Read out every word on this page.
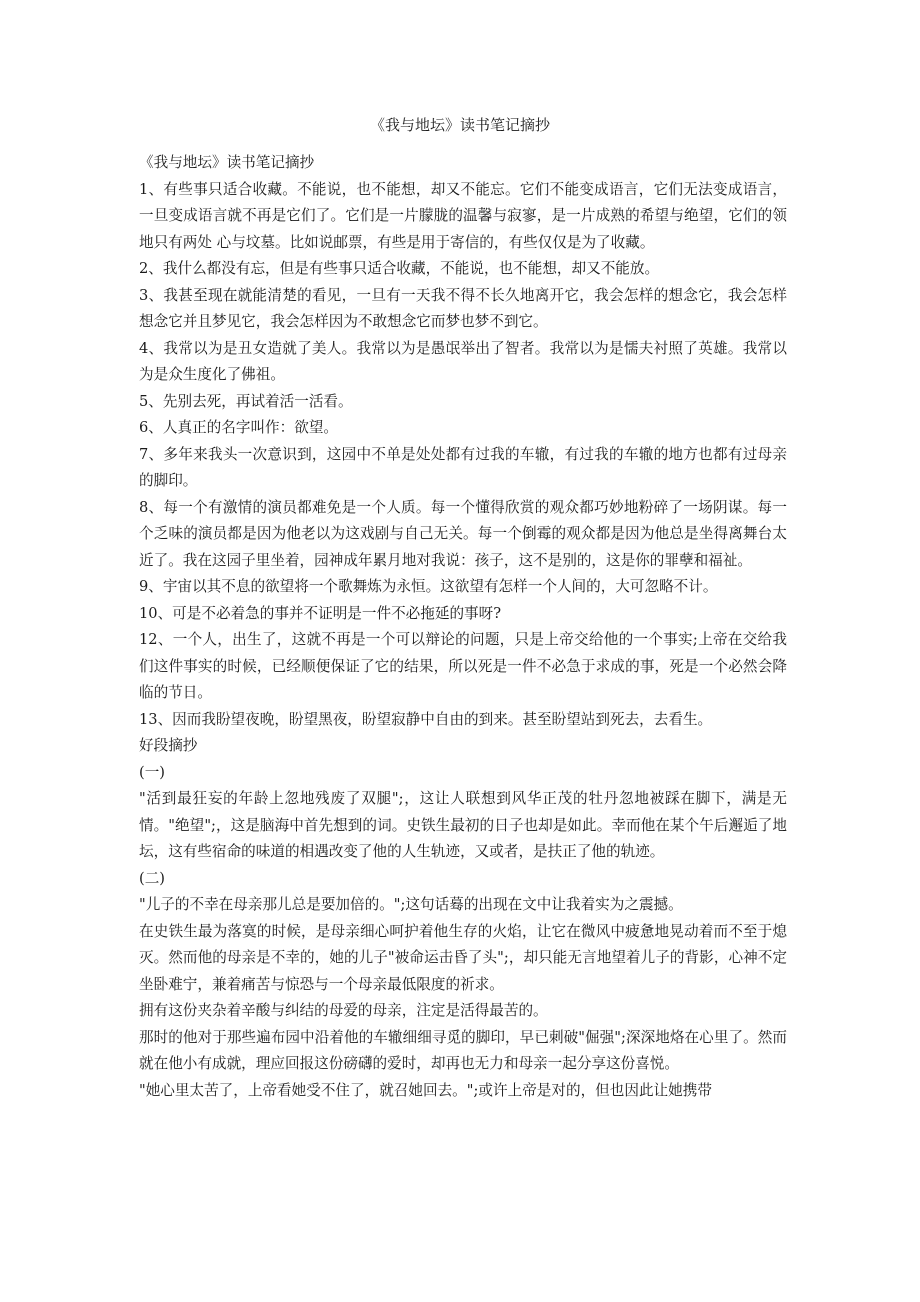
《我与地坛》读书笔记摘抄

《我与地坛》读书笔记摘抄

1、有些事只适合收藏。不能说，也不能想，却又不能忘。它们不能变成语言，它们无法变成语言，一旦变成语言就不再是它们了。它们是一片朦胧的温馨与寂寥，是一片成熟的希望与绝望，它们的领地只有两处 心与坟墓。比如说邮票，有些是用于寄信的，有些仅仅是为了收藏。

2、我什么都没有忘，但是有些事只适合收藏，不能说，也不能想，却又不能放。

3、我甚至现在就能清楚的看见，一旦有一天我不得不长久地离开它，我会怎样的想念它，我会怎样想念它并且梦见它，我会怎样因为不敢想念它而梦也梦不到它。

4、我常以为是丑女造就了美人。我常以为是愚氓举出了智者。我常以为是懦夫衬照了英雄。我常以为是众生度化了佛祖。

5、先别去死，再试着活一活看。

6、人真正的名字叫作：欲望。

7、多年来我头一次意识到，这园中不单是处处都有过我的车辙，有过我的车辙的地方也都有过母亲的脚印。

8、每一个有激情的演员都难免是一个人质。每一个懂得欣赏的观众都巧妙地粉碎了一场阴谋。每一个乏味的演员都是因为他老以为这戏剧与自己无关。每一个倒霉的观众都是因为他总是坐得离舞台太近了。我在这园子里坐着，园神成年累月地对我说：孩子，这不是别的，这是你的罪孽和福祉。

9、宇宙以其不息的欲望将一个歌舞炼为永恒。这欲望有怎样一个人间的，大可忽略不计。

10、可是不必着急的事并不证明是一件不必拖延的事呀?

12、一个人，出生了，这就不再是一个可以辩论的问题，只是上帝交给他的一个事实;上帝在交给我们这件事实的时候，已经顺便保证了它的结果，所以死是一件不必急于求成的事，死是一个必然会降临的节日。

13、因而我盼望夜晚，盼望黑夜，盼望寂静中自由的到来。甚至盼望站到死去，去看生。

好段摘抄

(一)

"活到最狂妄的年龄上忽地残废了双腿";，这让人联想到风华正茂的牡丹忽地被踩在脚下，满是无情。"绝望";，这是脑海中首先想到的词。史铁生最初的日子也却是如此。幸而他在某个午后邂逅了地坛，这有些宿命的味道的相遇改变了他的人生轨迹，又或者，是扶正了他的轨迹。

(二)

"儿子的不幸在母亲那儿总是要加倍的。";这句话蓦的出现在文中让我着实为之震撼。

在史铁生最为落寞的时候，是母亲细心呵护着他生存的火焰，让它在微风中疲惫地晃动着而不至于熄灭。然而他的母亲是不幸的，她的儿子"被命运击昏了头";，却只能无言地望着儿子的背影，心神不定坐卧难宁，兼着痛苦与惊恐与一个母亲最低限度的祈求。

拥有这份夹杂着辛酸与纠结的母爱的母亲，注定是活得最苦的。

那时的他对于那些遍布园中沿着他的车辙细细寻觅的脚印，早已刺破"倔强";深深地烙在心里了。然而就在他小有成就，理应回报这份磅礴的爱时，却再也无力和母亲一起分享这份喜悦。

"她心里太苦了，上帝看她受不住了，就召她回去。";或许上帝是对的，但也因此让她携带
